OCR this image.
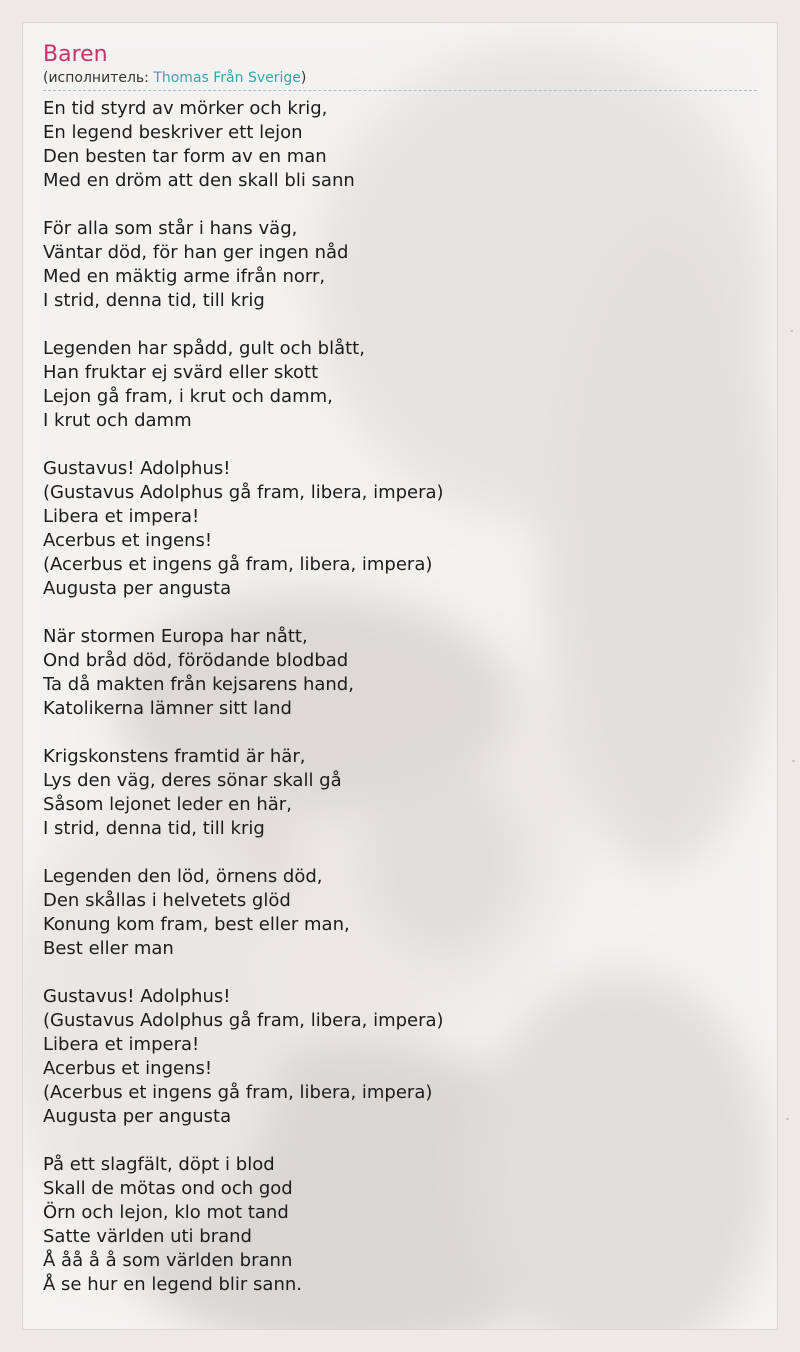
Baren
(исполнитель: Thomas Från Sverige)
En tid styrd av mörker och krig,
En legend beskriver ett lejon
Den besten tar form av en man
Med en dröm att den skall bli sann
För alla som står i hans väg,
Väntar död, för han ger ingen nåd
Med en mäktig arme ifrån norr,
I strid, denna tid, till krig
Legenden har spådd, gult och blått,
Han fruktar ej svärd eller skott
Lejon gå fram, i krut och damm,
I krut och damm
Gustavus! Adolphus!
(Gustavus Adolphus gå fram, libera, impera)
Libera et impera!
Acerbus et ingens!
(Acerbus et ingens gå fram, libera, impera)
Augusta per angusta
När stormen Europa har nått,
Ond bråd död, förödande blodbad
Ta då makten från kejsarens hand,
Katolikerna lämner sitt land
Krigskonstens framtid är här,
Lys den väg, deres sönar skall gå
Såsom lejonet leder en här,
I strid, denna tid, till krig
Legenden den löd, örnens död,
Den skållas i helvetets glöd
Konung kom fram, best eller man,
Best eller man
Gustavus! Adolphus!
(Gustavus Adolphus gå fram, libera, impera)
Libera et impera!
Acerbus et ingens!
(Acerbus et ingens gå fram, libera, impera)
Augusta per angusta
På ett slagfält, döpt i blod
Skall de mötas ond och god
Örn och lejon, klo mot tand
Satte världen uti brand
Å åå å å som världen brann
Å se hur en legend blir sann.
